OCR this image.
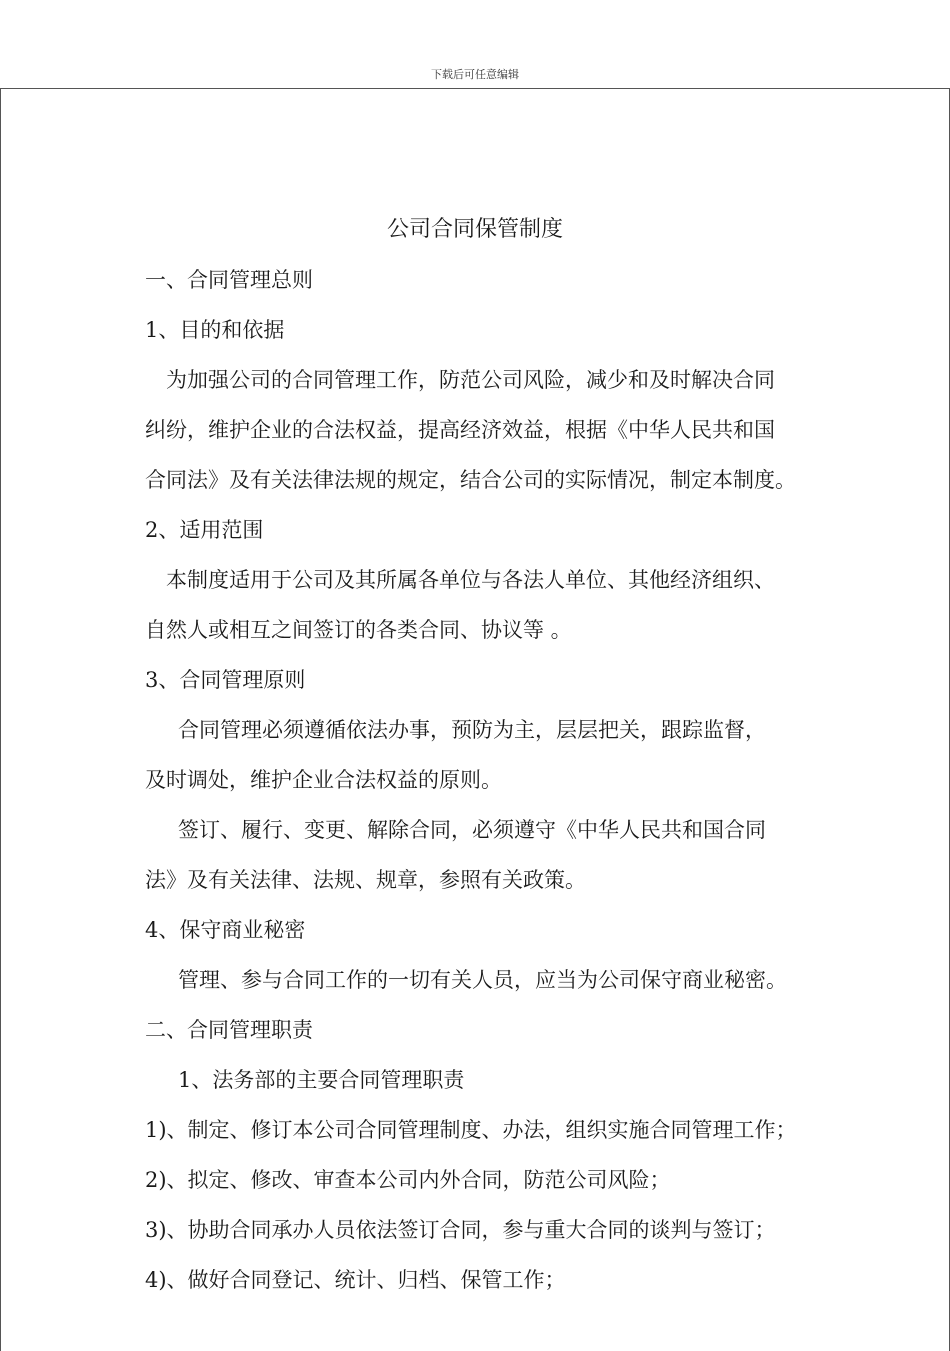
下载后可任意编辑
公司合同保管制度
一、合同管理总则
1、目的和依据
为加强公司的合同管理工作，防范公司风险，减少和及时解决合同
纠纷，维护企业的合法权益，提高经济效益，根据《中华人民共和国
合同法》及有关法律法规的规定，结合公司的实际情况，制定本制度。
2、适用范围
本制度适用于公司及其所属各单位与各法人单位、其他经济组织、
自然人或相互之间签订的各类合同、协议等 。
3、合同管理原则
合同管理必须遵循依法办事，预防为主，层层把关，跟踪监督，
及时调处，维护企业合法权益的原则。
签订、履行、变更、解除合同，必须遵守《中华人民共和国合同
法》及有关法律、法规、规章，参照有关政策。
4、保守商业秘密
管理、参与合同工作的一切有关人员，应当为公司保守商业秘密。
二、合同管理职责
1、法务部的主要合同管理职责
1)、制定、修订本公司合同管理制度、办法，组织实施合同管理工作；
2)、拟定、修改、审查本公司内外合同，防范公司风险；
3)、协助合同承办人员依法签订合同，参与重大合同的谈判与签订；
4)、做好合同登记、统计、归档、保管工作；
